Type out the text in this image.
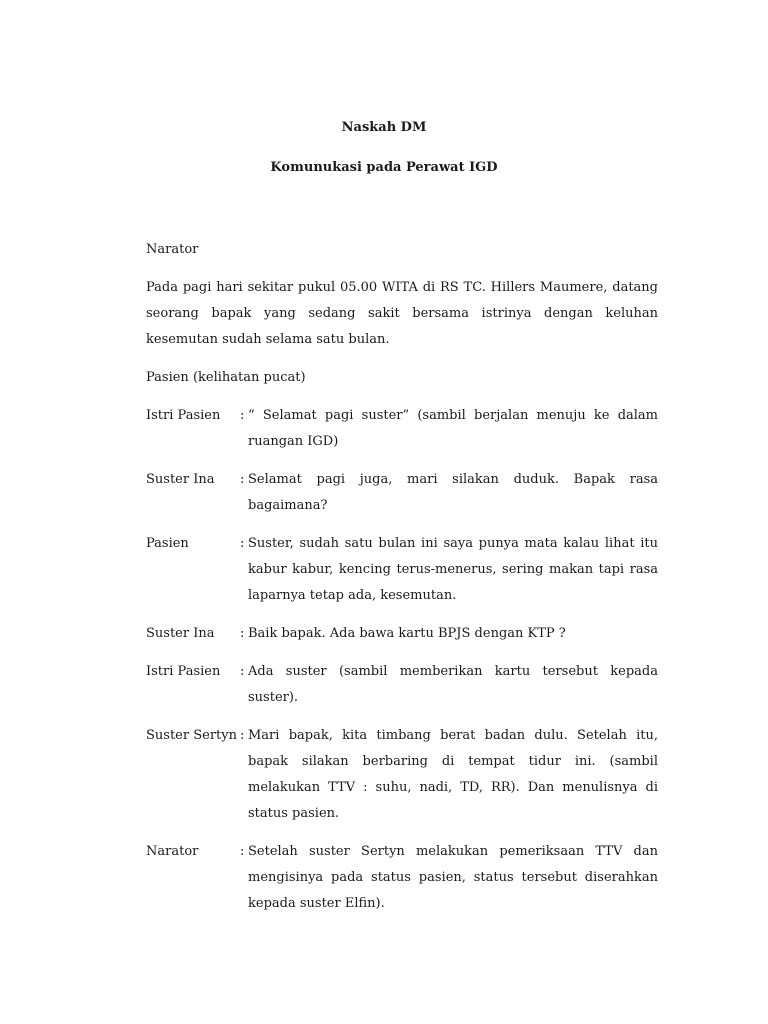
Naskah DM
Komunukasi pada Perawat IGD

Narator

Pada pagi hari sekitar pukul 05.00 WITA di RS TC. Hillers Maumere, datang seorang bapak yang sedang sakit bersama istrinya dengan keluhan kesemutan sudah selama satu bulan.

Pasien (kelihatan pucat)

Istri Pasien	: “ Selamat pagi suster” (sambil berjalan menuju ke dalam ruangan IGD)
Suster Ina	: Selamat pagi juga, mari silakan duduk. Bapak rasa bagaimana?
Pasien	: Suster, sudah satu bulan ini saya punya mata kalau lihat itu kabur kabur, kencing terus-menerus, sering makan tapi rasa laparnya tetap ada, kesemutan.
Suster Ina	: Baik bapak. Ada bawa kartu BPJS dengan KTP ?
Istri Pasien	: Ada suster (sambil memberikan kartu tersebut kepada suster).
Suster Sertyn : Mari bapak, kita timbang berat badan dulu. Setelah itu, bapak silakan berbaring di tempat tidur ini. (sambil melakukan TTV : suhu, nadi, TD, RR). Dan menulisnya di status pasien.
Narator	: Setelah suster Sertyn melakukan pemeriksaan TTV dan mengisinya pada status pasien, status tersebut diserahkan kepada suster Elfin).
